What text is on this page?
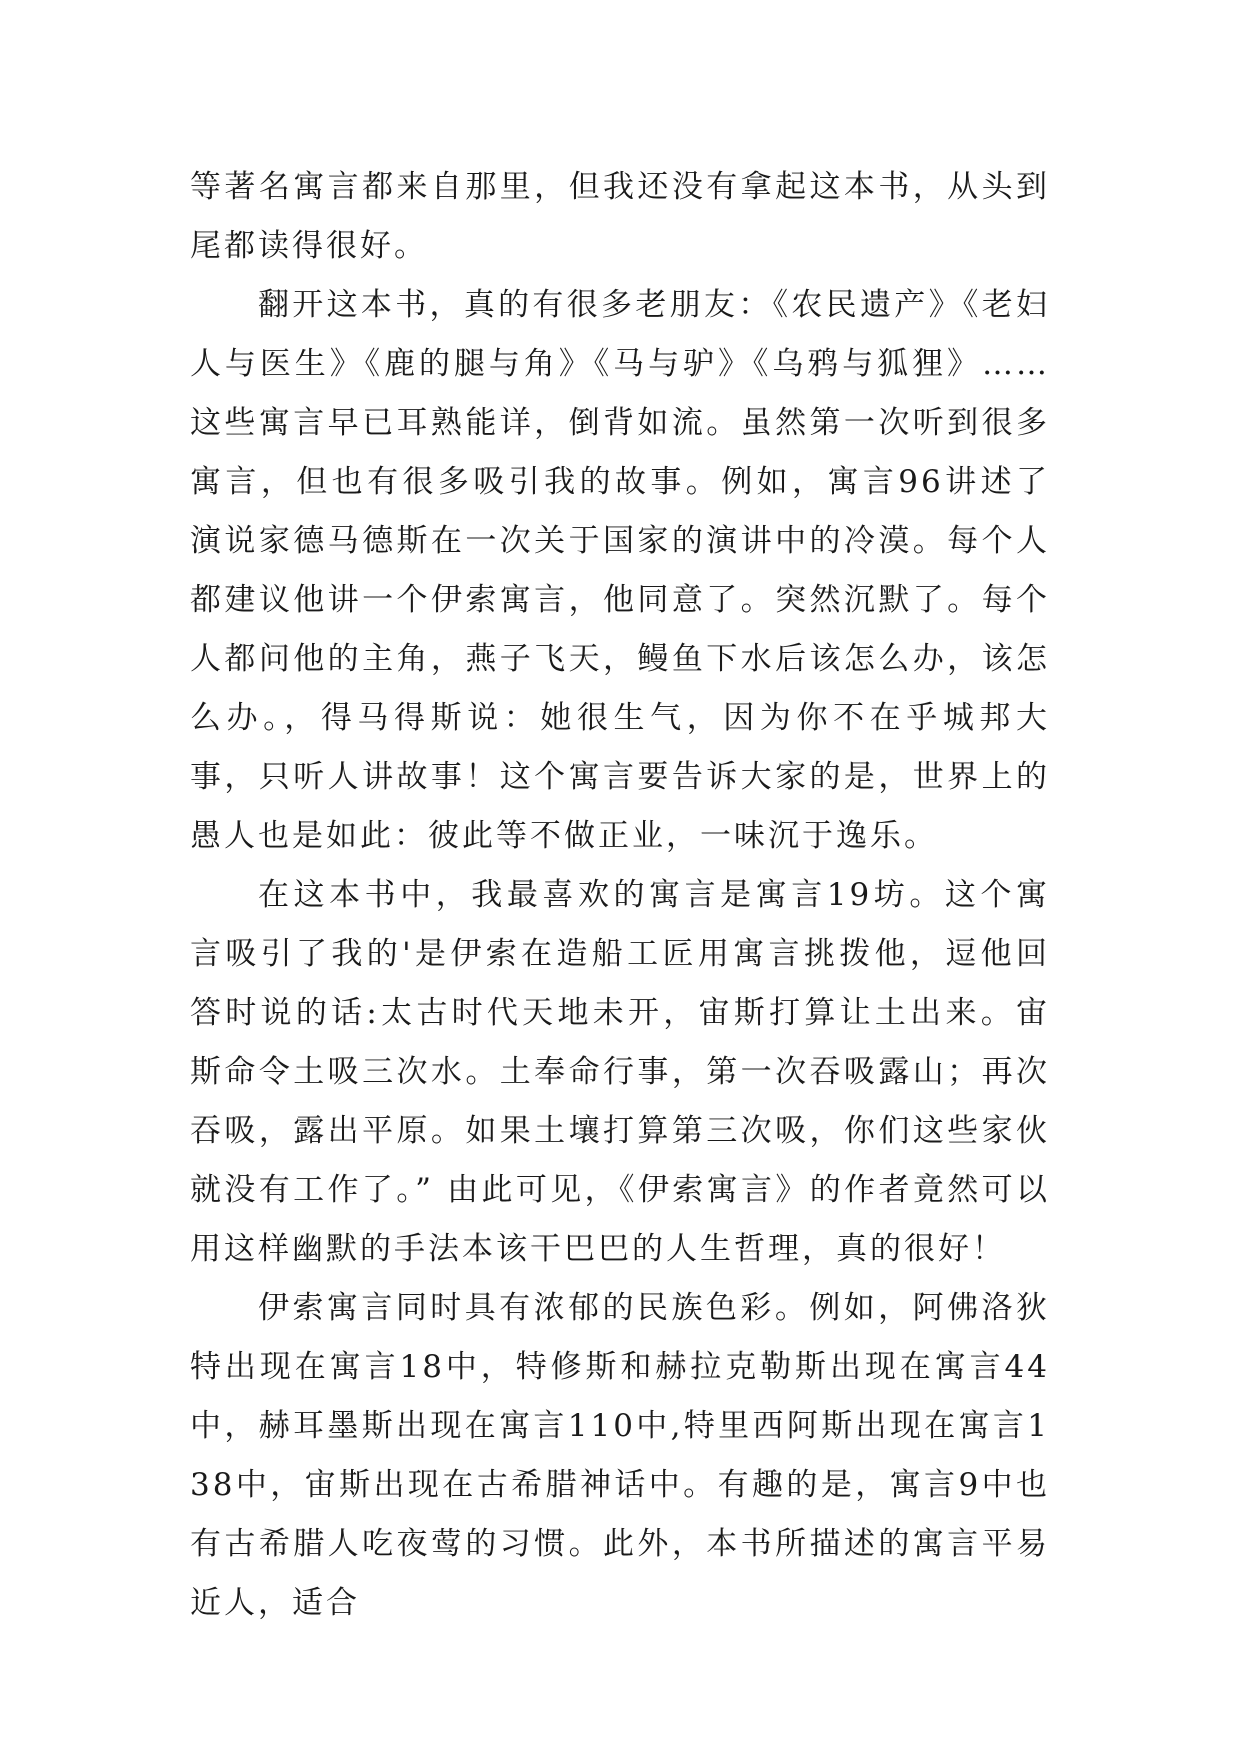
等著名寓言都来自那里，但我还没有拿起这本书，从头到尾都读得很好。

翻开这本书，真的有很多老朋友：《农民遗产》《老妇人与医生》《鹿的腿与角》《马与驴》《乌鸦与狐狸》……这些寓言早已耳熟能详，倒背如流。虽然第一次听到很多寓言，但也有很多吸引我的故事。例如，寓言96讲述了演说家德马德斯在一次关于国家的演讲中的冷漠。每个人都建议他讲一个伊索寓言，他同意了。突然沉默了。每个人都问他的主角，燕子飞天，鳗鱼下水后该怎么办，该怎么办。，得马得斯说：她很生气，因为你不在乎城邦大事，只听人讲故事！这个寓言要告诉大家的是，世界上的愚人也是如此：彼此等不做正业，一味沉于逸乐。

在这本书中，我最喜欢的寓言是寓言19坊。这个寓言吸引了我的'是伊索在造船工匠用寓言挑拨他，逗他回答时说的话:太古时代天地未开，宙斯打算让土出来。宙斯命令土吸三次水。土奉命行事，第一次吞吸露山；再次吞吸，露出平原。如果土壤打算第三次吸，你们这些家伙就没有工作了。” 由此可见，《伊索寓言》的作者竟然可以用这样幽默的手法本该干巴巴的人生哲理，真的很好！

伊索寓言同时具有浓郁的民族色彩。例如，阿佛洛狄特出现在寓言18中，特修斯和赫拉克勒斯出现在寓言44中，赫耳墨斯出现在寓言110中,特里西阿斯出现在寓言138中，宙斯出现在古希腊神话中。有趣的是，寓言9中也有古希腊人吃夜莺的习惯。此外，本书所描述的寓言平易近人，适合
